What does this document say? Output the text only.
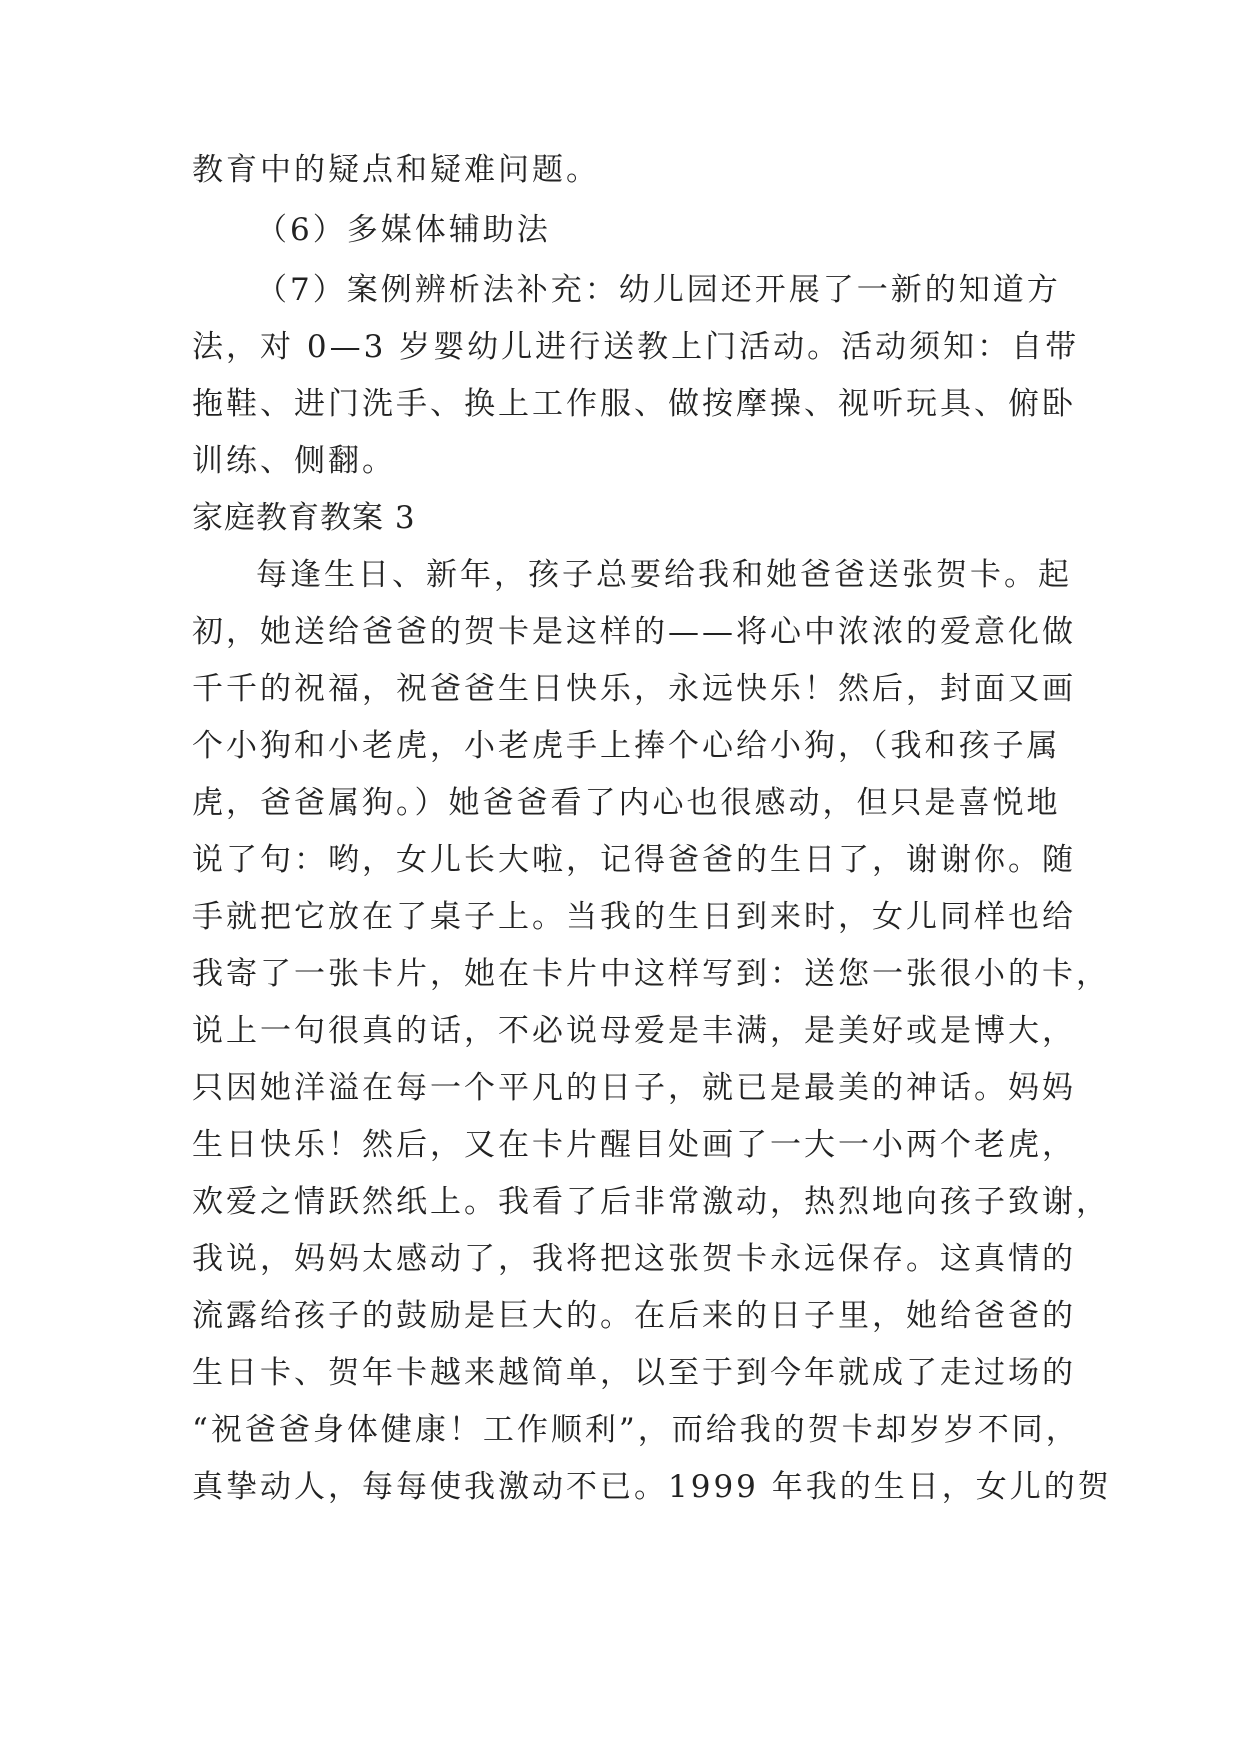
教育中的疑点和疑难问题。
（6）多媒体辅助法
（7）案例辨析法补充：幼儿园还开展了一新的知道方
法，对 0—3 岁婴幼儿进行送教上门活动。活动须知：自带
拖鞋、进门洗手、换上工作服、做按摩操、视听玩具、俯卧
训练、侧翻。
家庭教育教案 3
每逢生日、新年，孩子总要给我和她爸爸送张贺卡。起
初，她送给爸爸的贺卡是这样的——将心中浓浓的爱意化做
千千的祝福，祝爸爸生日快乐，永远快乐！然后，封面又画
个小狗和小老虎，小老虎手上捧个心给小狗，（我和孩子属
虎，爸爸属狗。）她爸爸看了内心也很感动，但只是喜悦地
说了句：哟，女儿长大啦，记得爸爸的生日了，谢谢你。随
手就把它放在了桌子上。当我的生日到来时，女儿同样也给
我寄了一张卡片，她在卡片中这样写到：送您一张很小的卡，
说上一句很真的话，不必说母爱是丰满，是美好或是博大，
只因她洋溢在每一个平凡的日子，就已是最美的神话。妈妈
生日快乐！然后，又在卡片醒目处画了一大一小两个老虎，
欢爱之情跃然纸上。我看了后非常激动，热烈地向孩子致谢，
我说，妈妈太感动了，我将把这张贺卡永远保存。这真情的
流露给孩子的鼓励是巨大的。在后来的日子里，她给爸爸的
生日卡、贺年卡越来越简单，以至于到今年就成了走过场的
“祝爸爸身体健康！工作顺利”，而给我的贺卡却岁岁不同，
真挚动人，每每使我激动不已。1999 年我的生日，女儿的贺
